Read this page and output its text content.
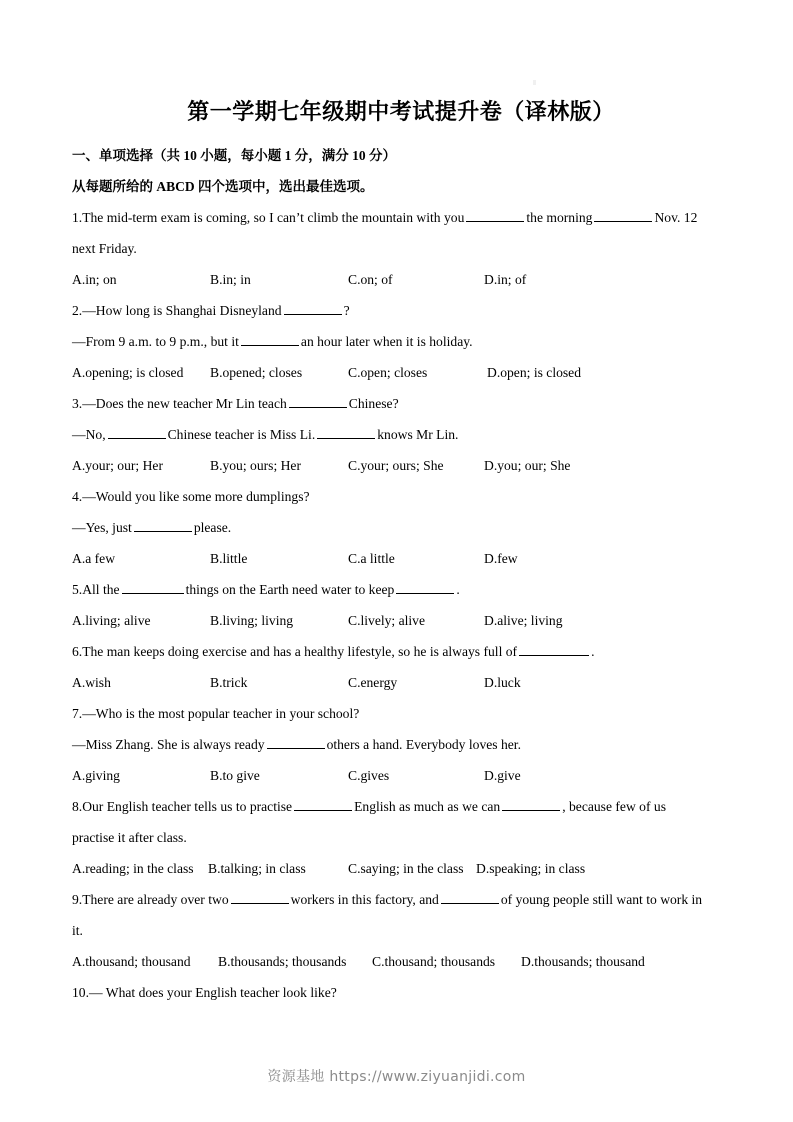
第一学期七年级期中考试提升卷（译林版）
一、单项选择（共 10 小题，每小题 1 分，满分 10 分）
从每题所给的 ABCD 四个选项中，选出最佳选项。
1.The mid-term exam is coming, so I can’t climb the mountain with you	the morning	Nov. 12
next Friday.
A.in; on	B.in; in	C.on; of	D.in; of
2.—How long is Shanghai Disneyland	?
—From 9 a.m. to 9 p.m., but it	an hour later when it is holiday.
A.opening; is closed B.opened; closes	C.open; closes	D.open; is closed
3.—Does the new teacher Mr Lin teach	Chinese?
—No,	Chinese teacher is Miss Li.	knows Mr Lin.
A.your; our; Her	B.you; ours; Her	C.your; ours; She	D.you; our; She
4.—Would you like some more dumplings?
—Yes, just	please.
A.a few	B.little	C.a little	D.few
5.All the	things on the Earth need water to keep	.
A.living; alive	B.living; living	C.lively; alive	D.alive; living
6.The man keeps doing exercise and has a healthy lifestyle, so he is always full of	.
A.wish	B.trick	C.energy	D.luck
7.—Who is the most popular teacher in your school?
—Miss Zhang. She is always ready	others a hand. Everybody loves her.
A.giving	B.to give	C.gives	D.give
8.Our English teacher tells us to practise	English as much as we can	, because few of us
practise it after class.
A.reading; in the class B.talking; in class	C.saying; in the class D.speaking; in class
9.There are already over two	workers in this factory, and	of young people still want to work in
it.
A.thousand; thousand B.thousands; thousands C.thousand; thousands D.thousands; thousand
10.— What does your English teacher look like?
资源基地 https://www.ziyuanjidi.com
